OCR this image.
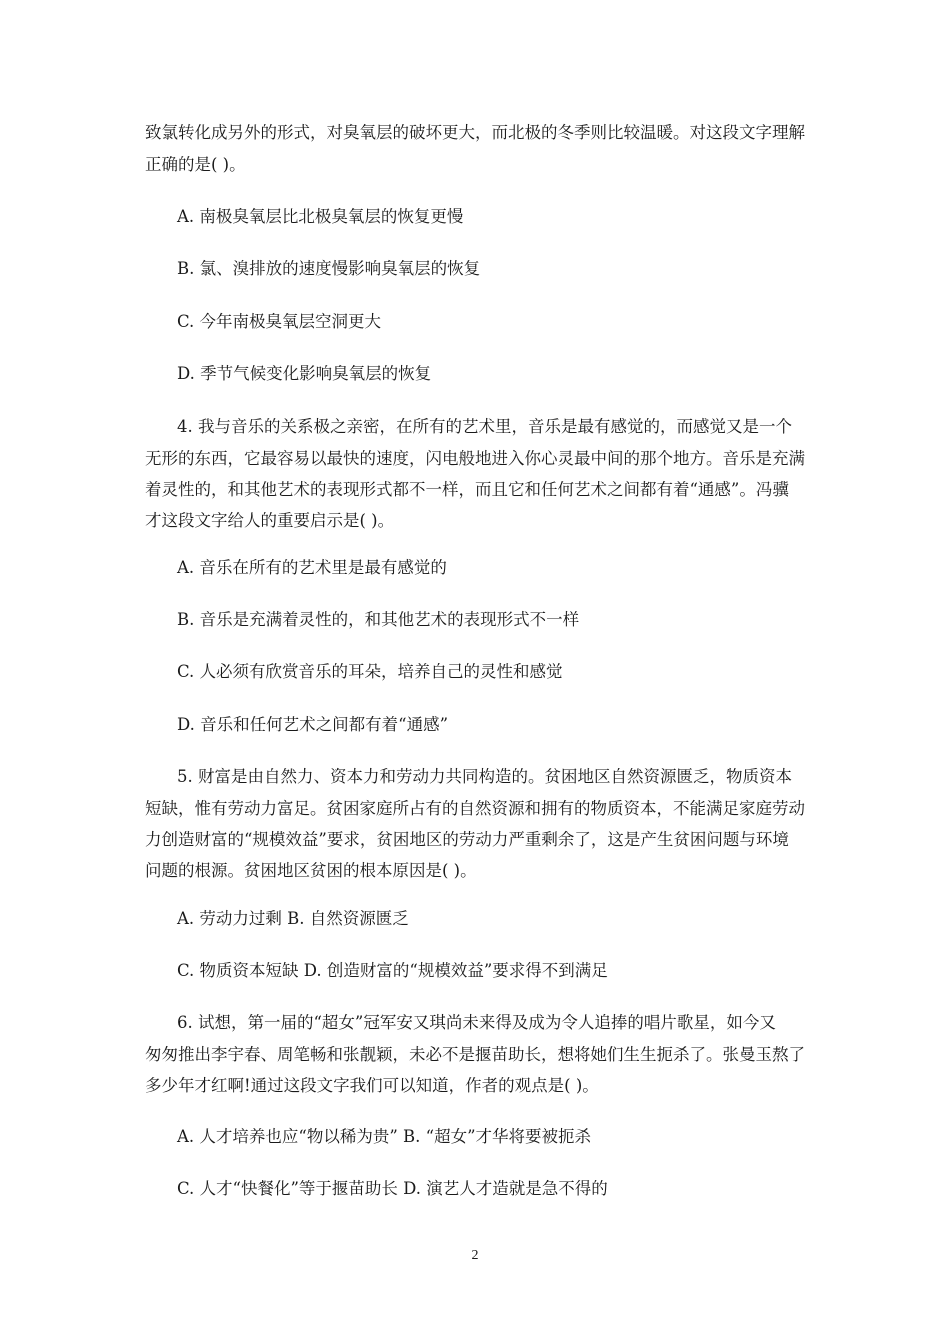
致氯转化成另外的形式，对臭氧层的破坏更大，而北极的冬季则比较温暖。对这段文字理解
正确的是( )。
A. 南极臭氧层比北极臭氧层的恢复更慢
B. 氯、溴排放的速度慢影响臭氧层的恢复
C. 今年南极臭氧层空洞更大
D. 季节气候变化影响臭氧层的恢复
4. 我与音乐的关系极之亲密，在所有的艺术里，音乐是最有感觉的，而感觉又是一个
无形的东西，它最容易以最快的速度，闪电般地进入你心灵最中间的那个地方。音乐是充满
着灵性的，和其他艺术的表现形式都不一样，而且它和任何艺术之间都有着“通感”。冯骥
才这段文字给人的重要启示是( )。
A. 音乐在所有的艺术里是最有感觉的
B. 音乐是充满着灵性的，和其他艺术的表现形式不一样
C. 人必须有欣赏音乐的耳朵，培养自己的灵性和感觉
D. 音乐和任何艺术之间都有着“通感”
5. 财富是由自然力、资本力和劳动力共同构造的。贫困地区自然资源匮乏，物质资本
短缺，惟有劳动力富足。贫困家庭所占有的自然资源和拥有的物质资本，不能满足家庭劳动
力创造财富的“规模效益”要求，贫困地区的劳动力严重剩余了，这是产生贫困问题与环境
问题的根源。贫困地区贫困的根本原因是( )。
A. 劳动力过剩 B. 自然资源匮乏
C. 物质资本短缺 D. 创造财富的“规模效益”要求得不到满足
6. 试想，第一届的“超女”冠军安又琪尚未来得及成为令人追捧的唱片歌星，如今又
匆匆推出李宇春、周笔畅和张靓颖，未必不是揠苗助长，想将她们生生扼杀了。张曼玉熬了
多少年才红啊!通过这段文字我们可以知道，作者的观点是( )。
A. 人才培养也应“物以稀为贵” B. “超女”才华将要被扼杀
C. 人才“快餐化”等于揠苗助长 D. 演艺人才造就是急不得的
2
